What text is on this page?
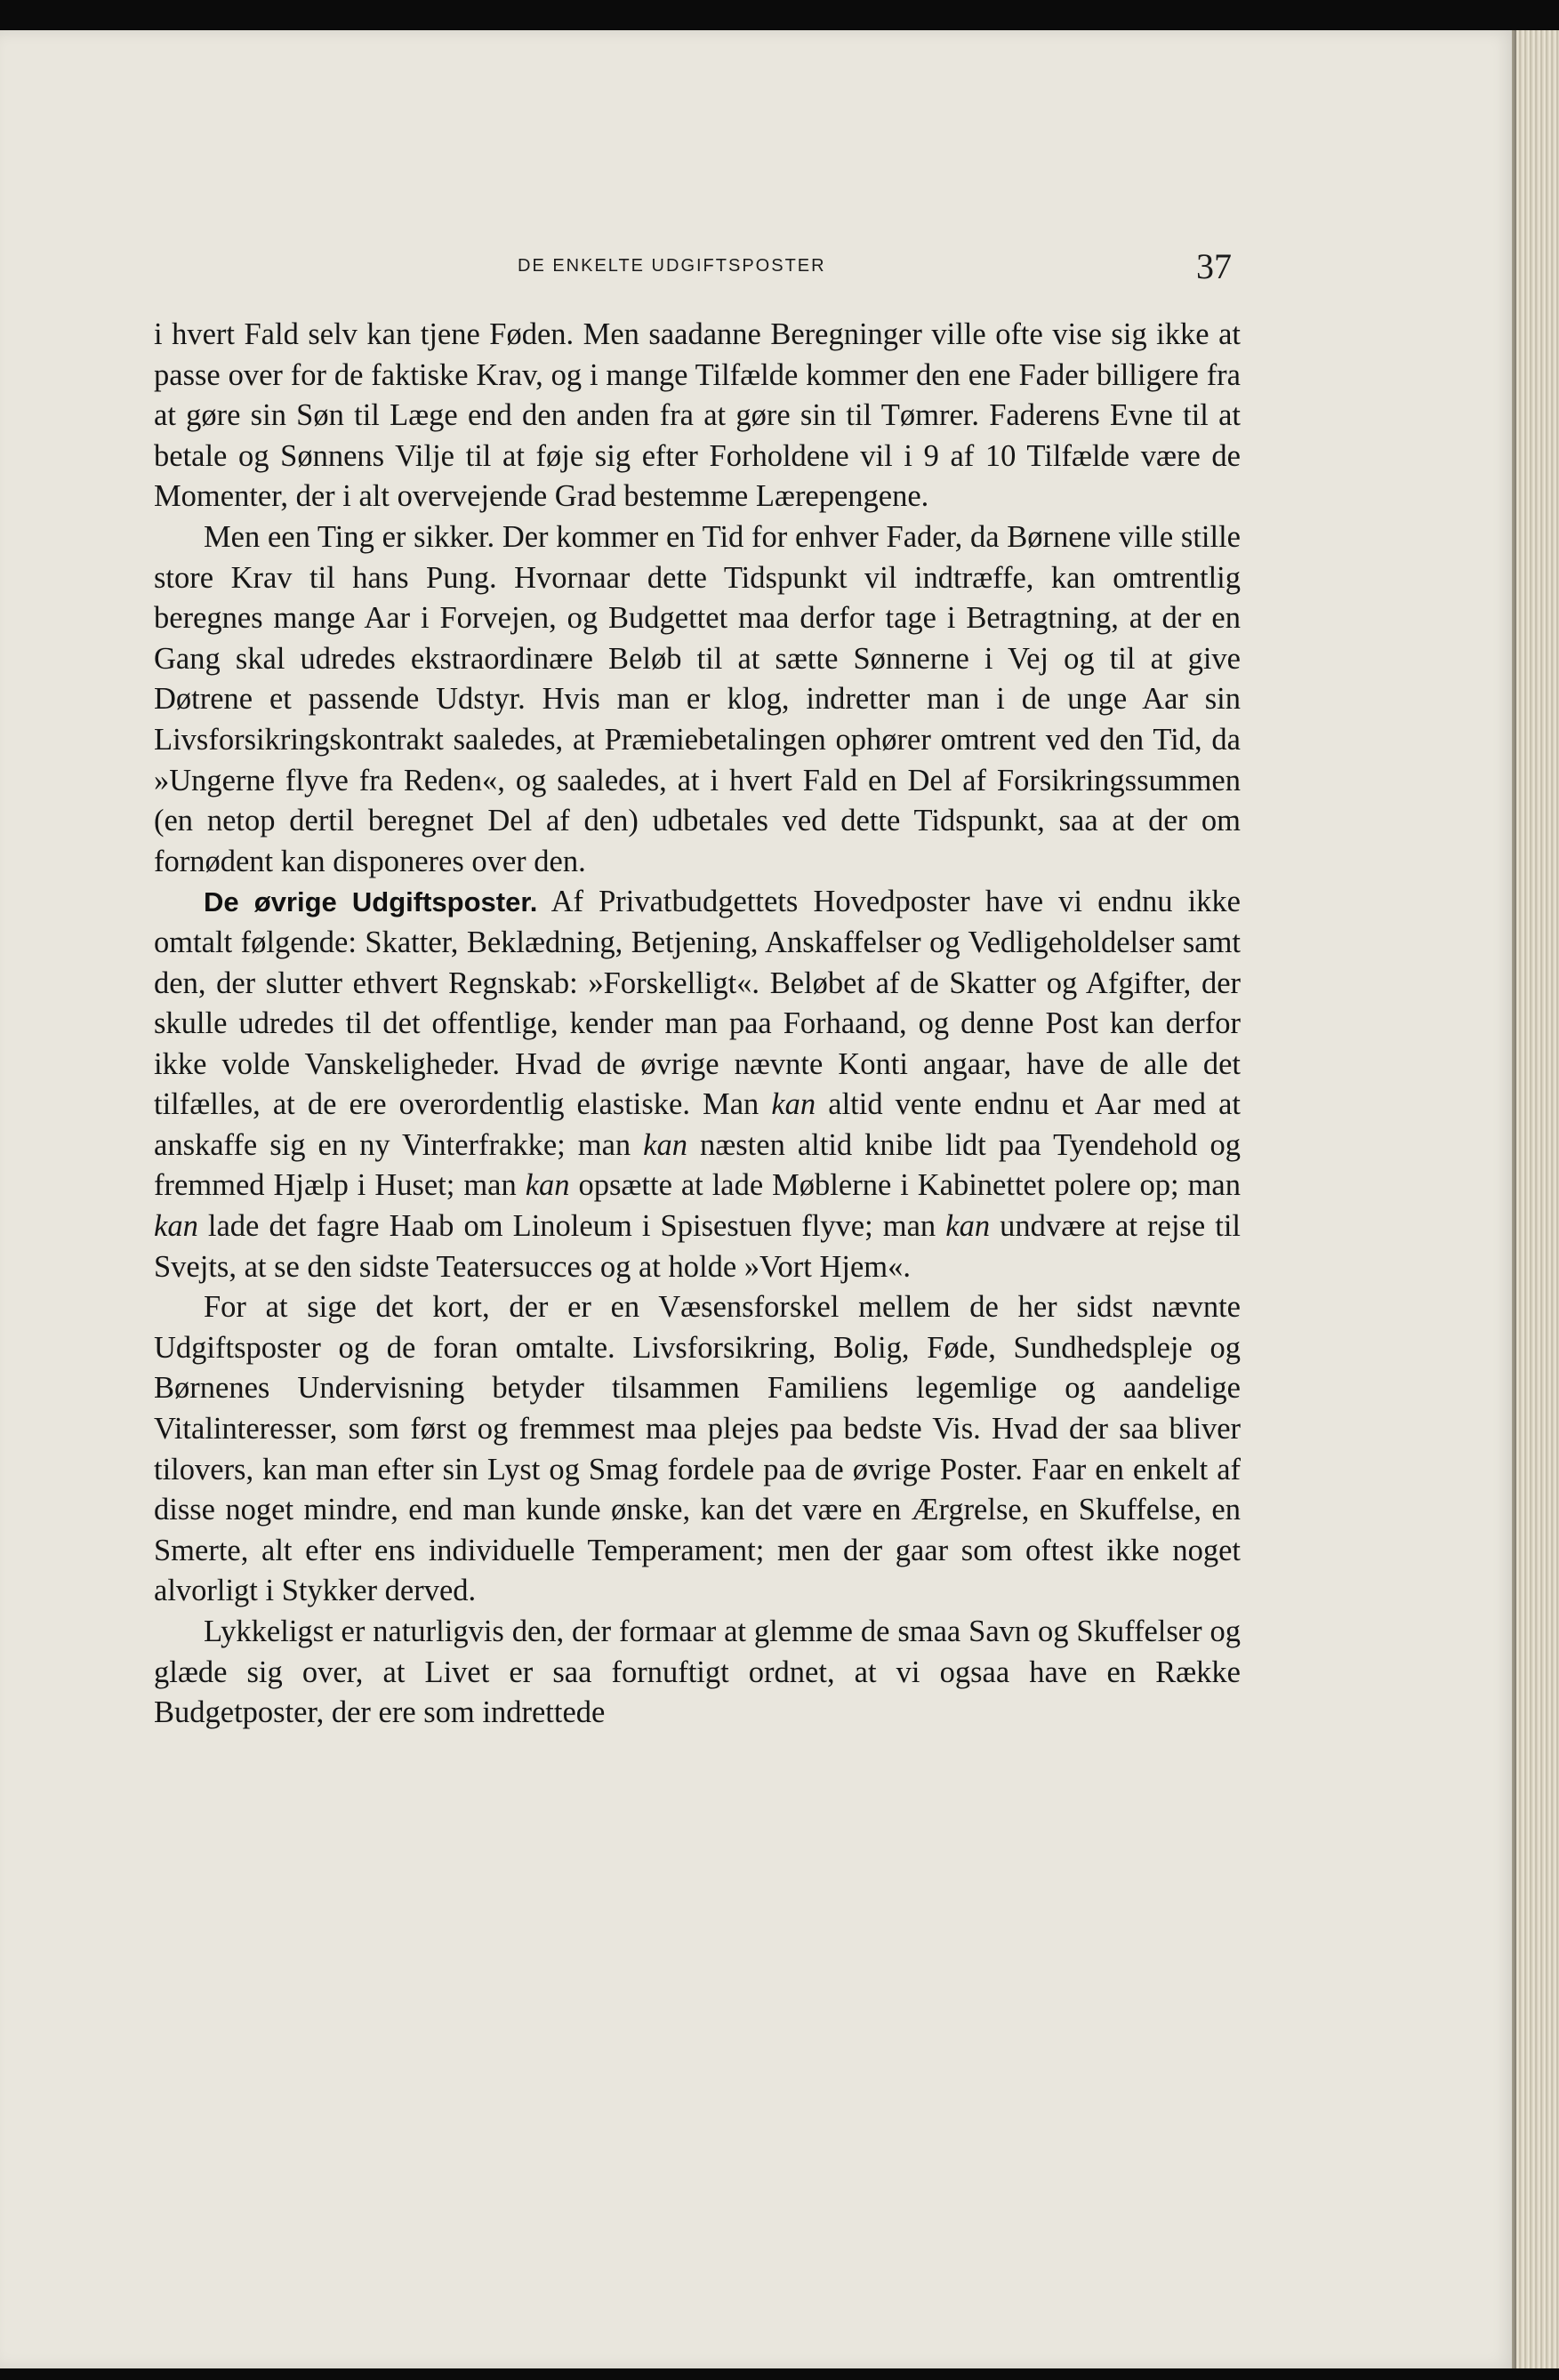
DE ENKELTE UDGIFTSPOSTER	37

i hvert Fald selv kan tjene Føden. Men saadanne Beregninger ville ofte vise sig ikke at passe over for de faktiske Krav, og i mange Tilfælde kommer den ene Fader billigere fra at gøre sin Søn til Læge end den anden fra at gøre sin til Tømrer. Faderens Evne til at betale og Sønnens Vilje til at føje sig efter Forholdene vil i 9 af 10 Tilfælde være de Momenter, der i alt overvejende Grad bestemme Lærepengene.

Men een Ting er sikker. Der kommer en Tid for enhver Fader, da Børnene ville stille store Krav til hans Pung. Hvornaar dette Tidspunkt vil indtræffe, kan omtrentlig beregnes mange Aar i Forvejen, og Budgettet maa derfor tage i Betragtning, at der en Gang skal udredes ekstraordinære Beløb til at sætte Sønnerne i Vej og til at give Døtrene et passende Udstyr. Hvis man er klog, indretter man i de unge Aar sin Livsforsikringskontrakt saaledes, at Præmiebetalingen ophører omtrent ved den Tid, da »Ungerne flyve fra Reden«, og saaledes, at i hvert Fald en Del af Forsikringssummen (en netop dertil beregnet Del af den) udbetales ved dette Tidspunkt, saa at der om fornødent kan disponeres over den.

De øvrige Udgiftsposter. Af Privatbudgettets Hovedposter have vi endnu ikke omtalt følgende: Skatter, Beklædning, Betjening, Anskaffelser og Vedligeholdelser samt den, der slutter ethvert Regnskab: »Forskelligt«. Beløbet af de Skatter og Afgifter, der skulle udredes til det offentlige, kender man paa Forhaand, og denne Post kan derfor ikke volde Vanskeligheder. Hvad de øvrige nævnte Konti angaar, have de alle det tilfælles, at de ere overordentlig elastiske. Man kan altid vente endnu et Aar med at anskaffe sig en ny Vinterfrakke; man kan næsten altid knibe lidt paa Tyendehold og fremmed Hjælp i Huset; man kan opsætte at lade Møblerne i Kabinettet polere op; man kan lade det fagre Haab om Linoleum i Spisestuen flyve; man kan undvære at rejse til Svejts, at se den sidste Teatersucces og at holde »Vort Hjem«.

For at sige det kort, der er en Væsensforskel mellem de her sidst nævnte Udgiftsposter og de foran omtalte. Livsforsikring, Bolig, Føde, Sundhedspleje og Børnenes Undervisning betyder tilsammen Familiens legemlige og aandelige Vitalinteresser, som først og fremmest maa plejes paa bedste Vis. Hvad der saa bliver tilovers, kan man efter sin Lyst og Smag fordele paa de øvrige Poster. Faar en enkelt af disse noget mindre, end man kunde ønske, kan det være en Ærgrelse, en Skuffelse, en Smerte, alt efter ens individuelle Temperament; men der gaar som oftest ikke noget alvorligt i Stykker derved.

Lykkeligst er naturligvis den, der formaar at glemme de smaa Savn og Skuffelser og glæde sig over, at Livet er saa fornuftigt ordnet, at vi ogsaa have en Række Budgetposter, der ere som indrettede
